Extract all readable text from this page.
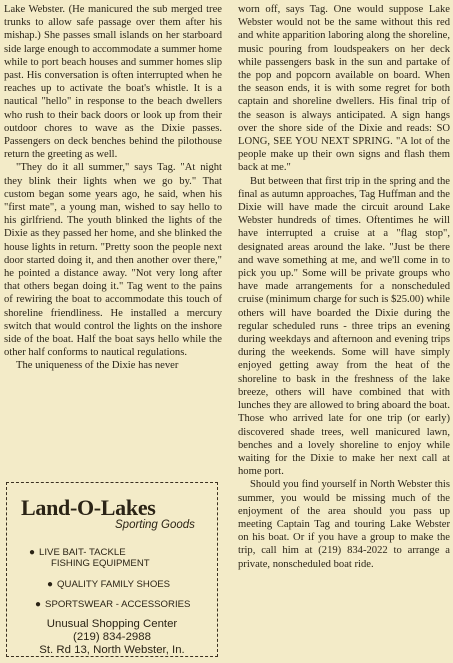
Lake Webster. (He manicured the sub merged tree trunks to allow safe passage over them after his mishap.) She passes small islands on her starboard side large enough to accommodate a summer home while to port beach houses and summer homes slip past. His conversation is often interrupted when he reaches up to activate the boat's whistle. It is a nautical "hello" in response to the beach dwellers who rush to their back doors or look up from their outdoor chores to wave as the Dixie passes. Passengers on deck benches behind the pilothouse return the greeting as well.

"They do it all summer," says Tag. "At night they blink their lights when we go by." That custom began some years ago, he said, when his "first mate", a young man, wished to say hello to his girlfriend. The youth blinked the lights of the Dixie as they passed her home, and she blinked the house lights in return. "Pretty soon the people next door started doing it, and then another over there," he pointed a distance away. "Not very long after that others began doing it." Tag went to the pains of rewiring the boat to accommodate this touch of shoreline friendliness. He installed a mercury switch that would control the lights on the inshore side of the boat. Half the boat says hello while the other half conforms to nautical regulations.

The uniqueness of the Dixie has never

Land-O-Lakes
Sporting Goods
● LIVE BAIT- TACKLE
FISHING EQUIPMENT
● QUALITY FAMILY SHOES
● SPORTSWEAR - ACCESSORIES
Unusual Shopping Center
(219) 834-2988
St. Rd 13, North Webster, In.

worn off, says Tag. One would suppose Lake Webster would not be the same without this red and white apparition laboring along the shoreline, music pouring from loudspeakers on her deck while passengers bask in the sun and partake of the pop and popcorn available on board. When the season ends, it is with some regret for both captain and shoreline dwellers. His final trip of the season is always anticipated. A sign hangs over the shore side of the Dixie and reads: SO LONG, SEE YOU NEXT SPRING. "A lot of the people make up their own signs and flash them back at me."

But between that first trip in the spring and the final as autumn approaches, Tag Huffman and the Dixie will have made the circuit around Lake Webster hundreds of times. Oftentimes he will have interrupted a cruise at a "flag stop", designated areas around the lake. "Just be there and wave something at me, and we'll come in to pick you up." Some will be private groups who have made arrangements for a nonscheduled cruise (minimum charge for such is $25.00) while others will have boarded the Dixie during the regular scheduled runs - three trips an evening during weekdays and afternoon and evening trips during the weekends. Some will have simply enjoyed getting away from the heat of the shoreline to bask in the freshness of the lake breeze, others will have combined that with lunches they are allowed to bring aboard the boat. Those who arrived late for one trip (or early) discovered shade trees, well manicured lawn, benches and a lovely shoreline to enjoy while waiting for the Dixie to make her next call at home port.

Should you find yourself in North Webster this summer, you would be missing much of the enjoyment of the area should you pass up meeting Captain Tag and touring Lake Webster on his boat. Or if you have a group to make the trip, call him at (219) 834-2022 to arrange a private, nonscheduled boat ride.
